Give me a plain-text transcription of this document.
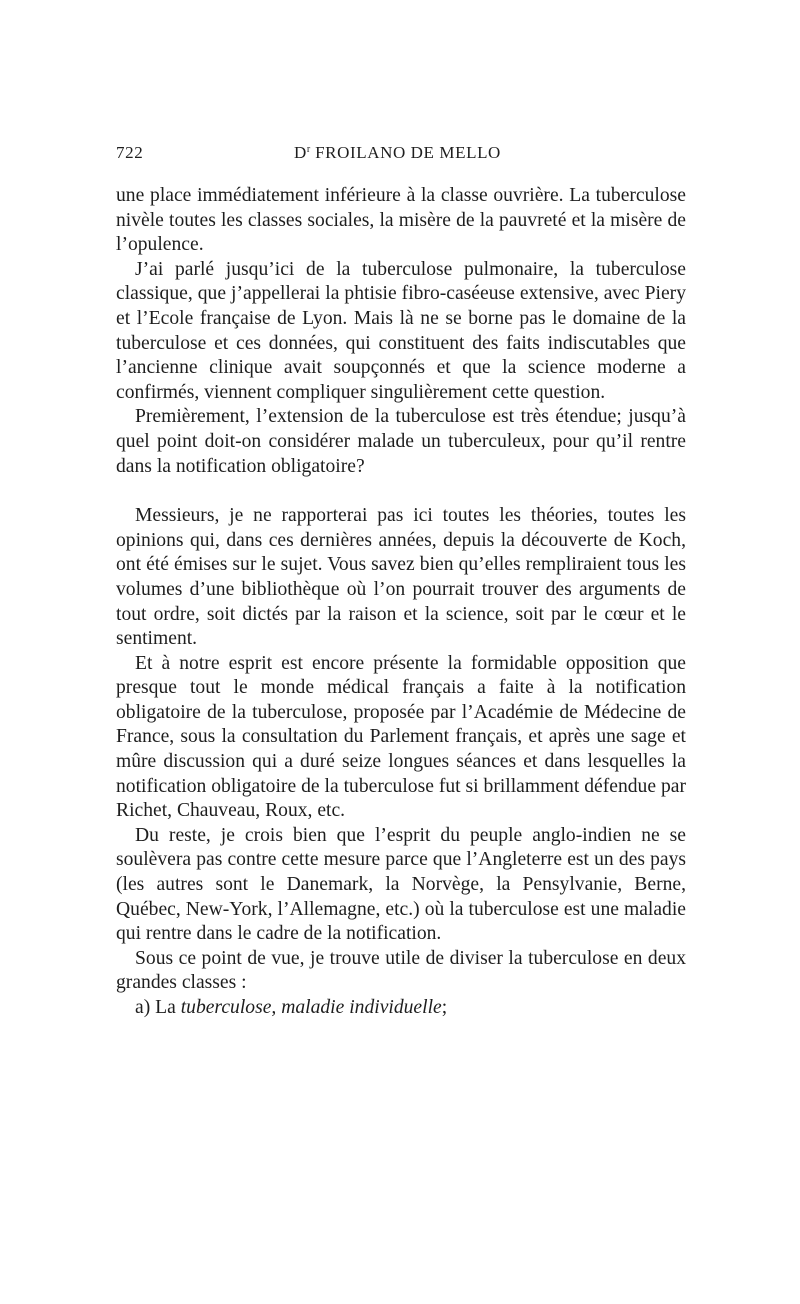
722	$D^r$ FROILANO DE MELLO

une place immédiatement inférieure à la classe ouvrière. La tuberculose nivèle toutes les classes sociales, la misère de la pauvreté et la misère de l’opulence.

J’ai parlé jusqu’ici de la tuberculose pulmonaire, la tuberculose classique, que j’appellerai la phtisie fibro-caséeuse extensive, avec Piery et l’Ecole française de Lyon. Mais là ne se borne pas le domaine de la tuberculose et ces données, qui constituent des faits indiscutables que l’ancienne clinique avait soupçonnés et que la science moderne a confirmés, viennent compliquer singulièrement cette question.

Premièrement, l’extension de la tuberculose est très étendue; jusqu’à quel point doit-on considérer malade un tuberculeux, pour qu’il rentre dans la notification obligatoire?

Messieurs, je ne rapporterai pas ici toutes les théories, toutes les opinions qui, dans ces dernières années, depuis la découverte de Koch, ont été émises sur le sujet. Vous savez bien qu’elles rempliraient tous les volumes d’une bibliothèque où l’on pourrait trouver des arguments de tout ordre, soit dictés par la raison et la science, soit par le cœur et le sentiment.

Et à notre esprit est encore présente la formidable opposition que presque tout le monde médical français a faite à la notification obligatoire de la tuberculose, proposée par l’Académie de Médecine de France, sous la consultation du Parlement français, et après une sage et mûre discussion qui a duré seize longues séances et dans lesquelles la notification obligatoire de la tuberculose fut si brillamment défendue par Richet, Chauveau, Roux, etc.

Du reste, je crois bien que l’esprit du peuple anglo-indien ne se soulèvera pas contre cette mesure parce que l’Angleterre est un des pays (les autres sont le Danemark, la Norvège, la Pensylvanie, Berne, Québec, New-York, l’Allemagne, etc.) où la tuberculose est une maladie qui rentre dans le cadre de la notification.

Sous ce point de vue, je trouve utile de diviser la tuberculose en deux grandes classes :

a) La tuberculose, maladie individuelle;
